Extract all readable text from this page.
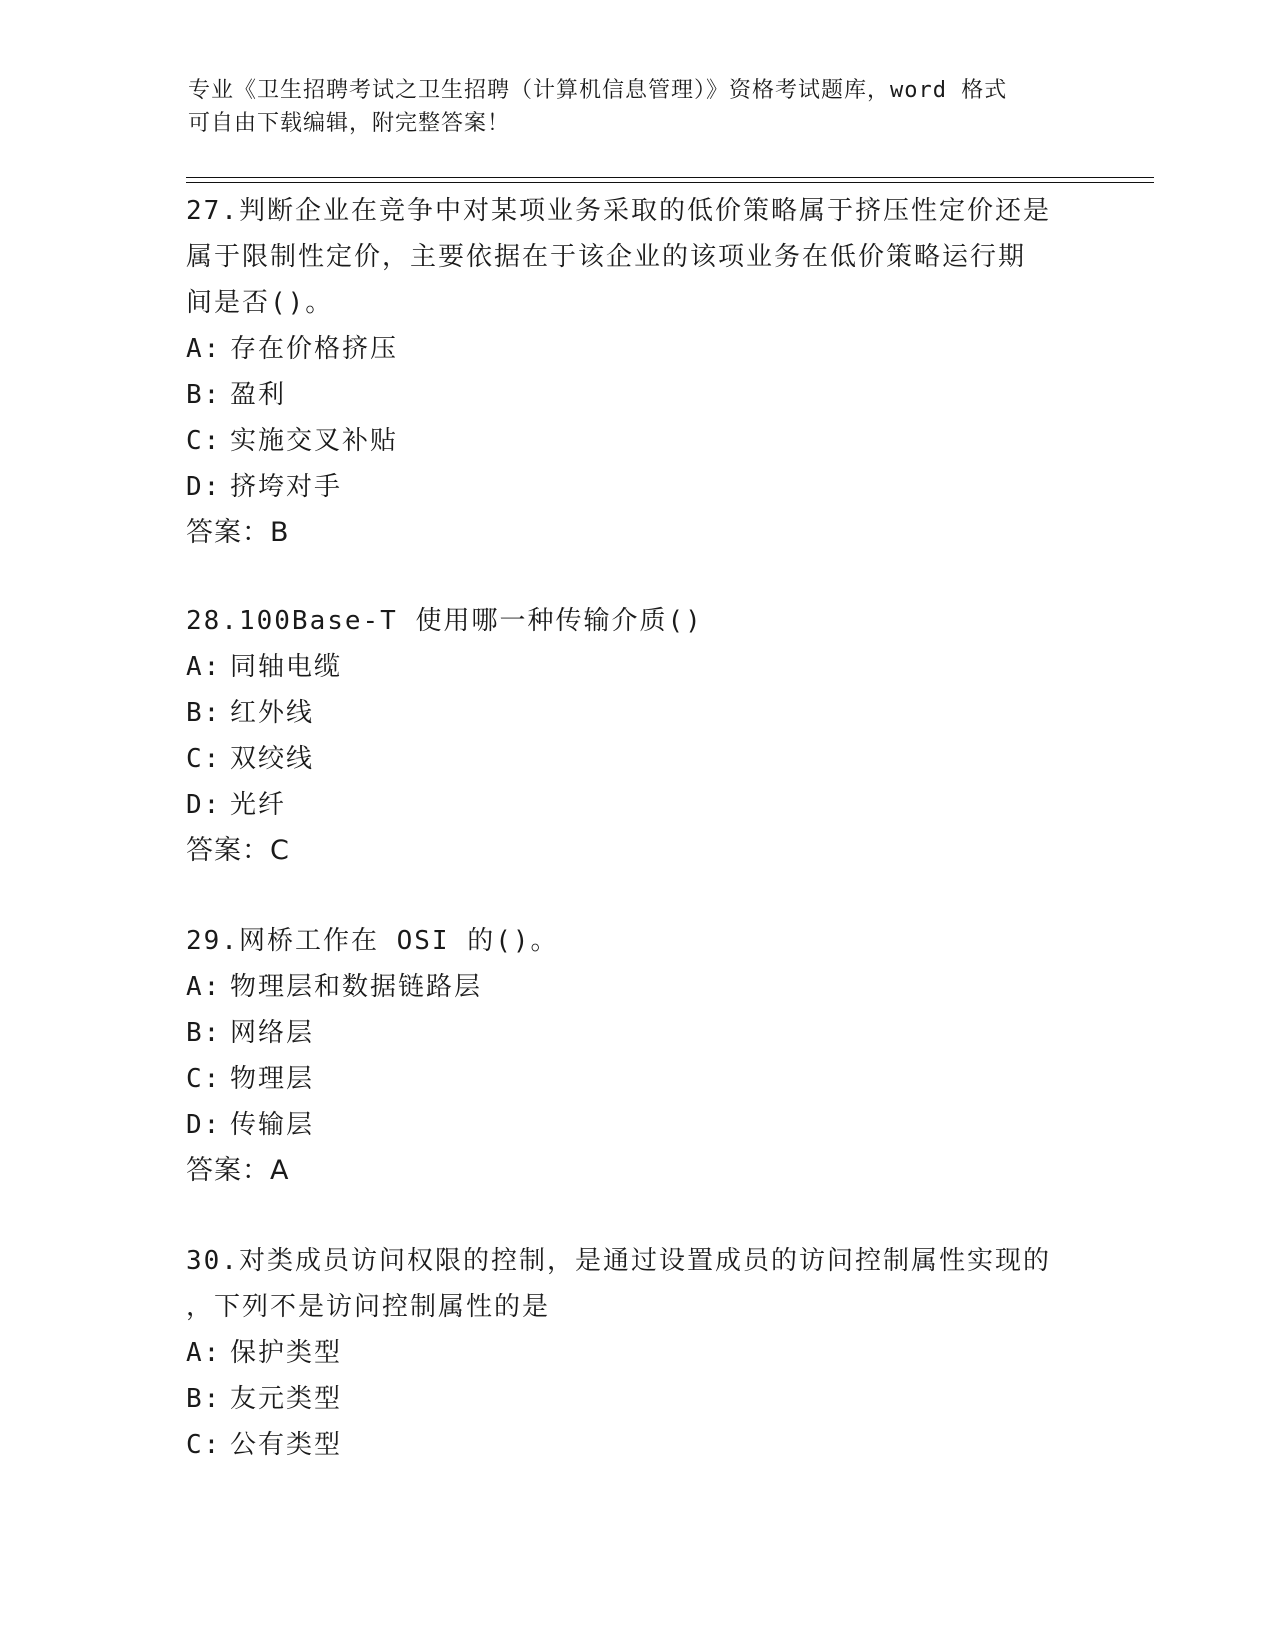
专业《卫生招聘考试之卫生招聘（计算机信息管理）》资格考试题库，word 格式
可自由下载编辑，附完整答案！

27.判断企业在竞争中对某项业务采取的低价策略属于挤压性定价还是

属于限制性定价，主要依据在于该企业的该项业务在低价策略运行期

间是否()。

A: 存在价格挤压

B: 盈利

C: 实施交叉补贴

D: 挤垮对手

答案：B

28.100Base-T 使用哪一种传输介质()

A: 同轴电缆

B: 红外线

C: 双绞线

D: 光纤

答案：C

29.网桥工作在 OSI 的()。

A: 物理层和数据链路层

B: 网络层

C: 物理层

D: 传输层

答案：A

30.对类成员访问权限的控制，是通过设置成员的访问控制属性实现的

，下列不是访问控制属性的是

A: 保护类型

B: 友元类型

C: 公有类型
